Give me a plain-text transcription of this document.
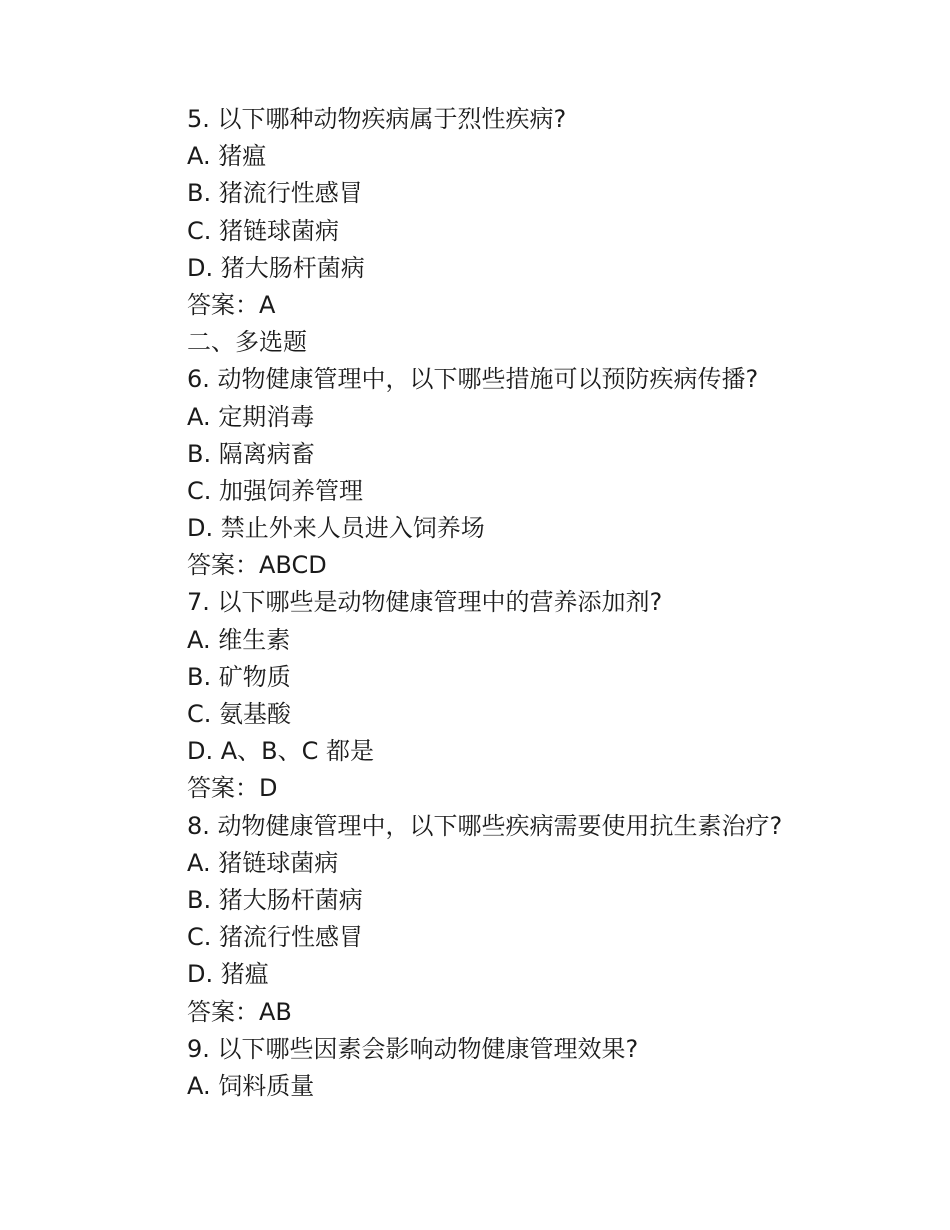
5. 以下哪种动物疾病属于烈性疾病?
A. 猪瘟
B. 猪流行性感冒
C. 猪链球菌病
D. 猪大肠杆菌病
答案：A
二、多选题
6. 动物健康管理中，以下哪些措施可以预防疾病传播?
A. 定期消毒
B. 隔离病畜
C. 加强饲养管理
D. 禁止外来人员进入饲养场
答案：ABCD
7. 以下哪些是动物健康管理中的营养添加剂?
A. 维生素
B. 矿物质
C. 氨基酸
D. A、B、C 都是
答案：D
8. 动物健康管理中，以下哪些疾病需要使用抗生素治疗?
A. 猪链球菌病
B. 猪大肠杆菌病
C. 猪流行性感冒
D. 猪瘟
答案：AB
9. 以下哪些因素会影响动物健康管理效果?
A. 饲料质量
